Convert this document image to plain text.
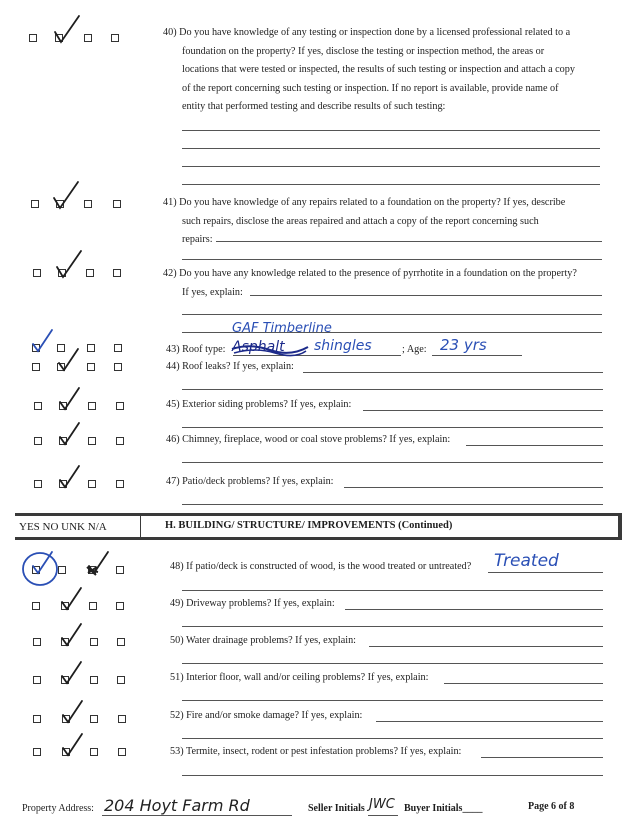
40) Do you have knowledge of any testing or inspection done by a licensed professional related to a
foundation on the property? If yes, disclose the testing or inspection method, the areas or
locations that were tested or inspected, the results of such testing or inspection and attach a copy
of the report concerning such testing or inspection. If no report is available, provide name of
entity that performed testing and describe results of such testing:
41) Do you have knowledge of any repairs related to a foundation on the property? If yes, describe
such repairs, disclose the areas repaired and attach a copy of the report concerning such
repairs:
42) Do you have any knowledge related to the presence of pyrrhotite in a foundation on the property?
If yes, explain:
43) Roof type:	; Age:
GAF Timberline
Asphalt shingles	23 yrs
44) Roof leaks? If yes, explain:
45) Exterior siding problems? If yes, explain:
46) Chimney, fireplace, wood or coal stove problems? If yes, explain:
47) Patio/deck problems? If yes, explain:
YES NO UNK N/A	H. BUILDING/ STRUCTURE/ IMPROVEMENTS (Continued)
48) If patio/deck is constructed of wood, is the wood treated or untreated? Treated
49) Driveway problems? If yes, explain:
50) Water drainage problems? If yes, explain:
51) Interior floor, wall and/or ceiling problems? If yes, explain:
52) Fire and/or smoke damage? If yes, explain:
53) Termite, insect, rodent or pest infestation problems? If yes, explain:
Property Address: 204 Hoyt Farm Rd	Seller Initials JWC Buyer Initials____	Page 6 of 8
